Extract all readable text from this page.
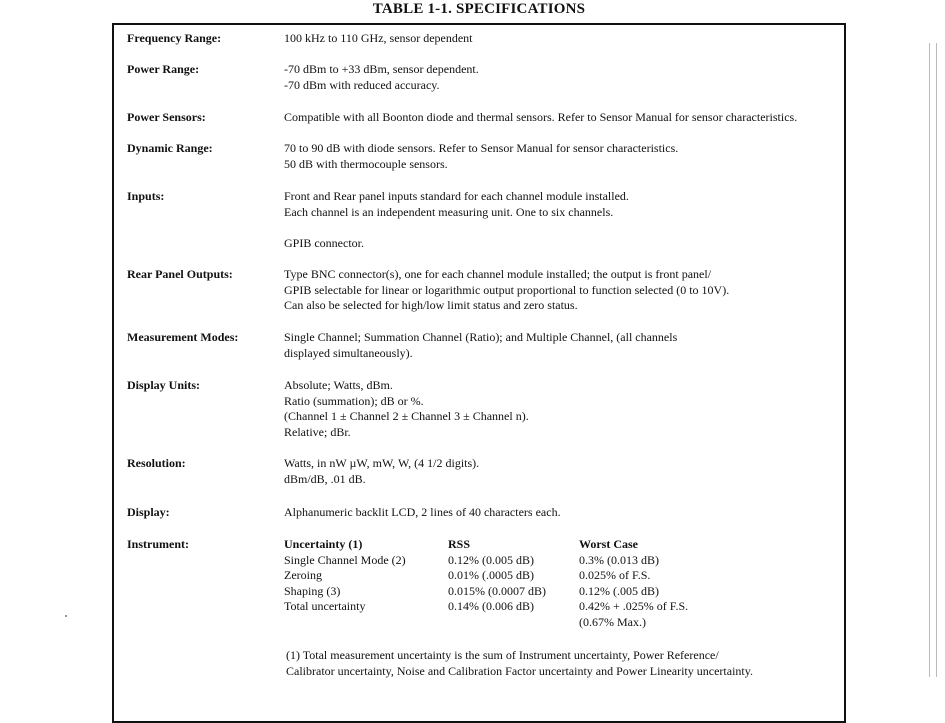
TABLE 1-1. SPECIFICATIONS
Frequency Range:	100 kHz to 110 GHz, sensor dependent
Power Range:	-70 dBm to +33 dBm, sensor dependent.
-70 dBm with reduced accuracy.
Power Sensors:	Compatible with all Boonton diode and thermal sensors. Refer to Sensor Manual for sensor characteristics.
Dynamic Range:	70 to 90 dB with diode sensors. Refer to Sensor Manual for sensor characteristics.
50 dB with thermocouple sensors.
Inputs:	Front and Rear panel inputs standard for each channel module installed.
Each channel is an independent measuring unit. One to six channels.
GPIB connector.
Rear Panel Outputs:	Type BNC connector(s), one for each channel module installed; the output is front panel/
GPIB selectable for linear or logarithmic output proportional to function selected (0 to 10V).
Can also be selected for high/low limit status and zero status.
Measurement Modes:	Single Channel; Summation Channel (Ratio); and Multiple Channel, (all channels
displayed simultaneously).
Display Units:	Absolute; Watts, dBm.
Ratio (summation); dB or %.
(Channel 1 ± Channel 2 ± Channel 3 ± Channel n).
Relative; dBr.
Resolution:	Watts, in nW µW, mW, W, (4 1/2 digits).
dBm/dB, .01 dB.
Display:	Alphanumeric backlit LCD, 2 lines of 40 characters each.
Instrument:	Uncertainty (1)	RSS	Worst Case
Single Channel Mode (2)	0.12% (0.005 dB)	0.3% (0.013 dB)
Zeroing	0.01% (.0005 dB)	0.025% of F.S.
Shaping (3)	0.015% (0.0007 dB)	0.12% (.005 dB)
Total uncertainty	0.14% (0.006 dB)	0.42% + .025% of F.S.
		(0.67% Max.)
(1) Total measurement uncertainty is the sum of Instrument uncertainty, Power Reference/
Calibrator uncertainty, Noise and Calibration Factor uncertainty and Power Linearity uncertainty.
